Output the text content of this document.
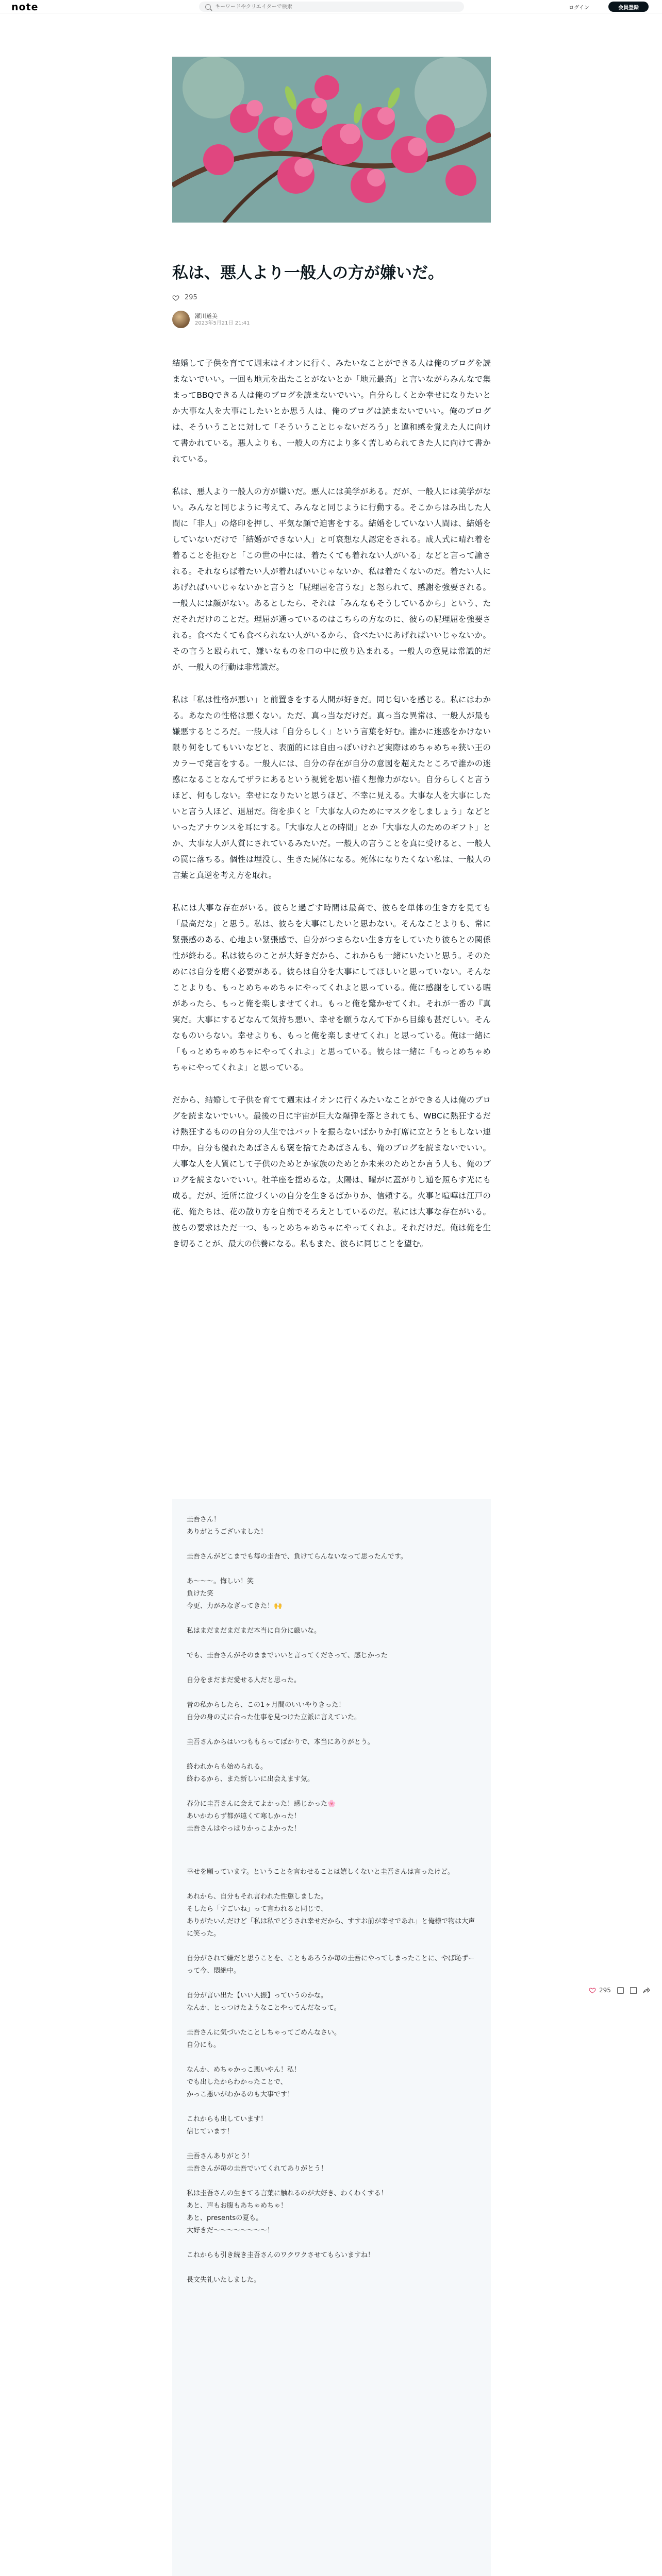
note
キーワードやクリエイターで検索	ログイン	会員登録
私は、悪人より一般人の方が嫌いだ。
295
瀬川道美
2023年5月21日 21:41

結婚して子供を育てて週末はイオンに行く、みたいなことができる人は俺のブログを読まないでいい。一回も地元を出たことがないとか「地元最高」と言いながらみんなで集まってBBQできる人は俺のブログを読まないでいい。自分らしくとか幸せになりたいとか大事な人を大事にしたいとか思う人は、俺のブログは読まないでいい。俺のブログは、そういうことに対して「そういうことじゃないだろう」と違和感を覚えた人に向けて書かれている。悪人よりも、一般人の方により多く苦しめられてきた人に向けて書かれている。

私は、悪人より一般人の方が嫌いだ。悪人には美学がある。だが、一般人には美学がない。みんなと同じように考えて、みんなと同じように行動する。そこからはみ出した人間に「非人」の烙印を押し、平気な顔で迫害をする。結婚をしていない人間は、結婚をしていないだけで「結婚ができない人」と可哀想な人認定をされる。成人式に晴れ着を着ることを拒むと「この世の中には、着たくても着れない人がいる」などと言って諭される。それならば着たい人が着ればいいじゃないか、私は着たくないのだ。着たい人にあげればいいじゃないかと言うと「屁理屈を言うな」と怒られて、感謝を強要される。一般人には顔がない。あるとしたら、それは「みんなもそうしているから」という、ただそれだけのことだ。理屈が通っているのはこちらの方なのに、彼らの屁理屈を強要される。食べたくても食べられない人がいるから、食べたいにあげればいいじゃないか。その言うと殴られて、嫌いなものを口の中に放り込まれる。一般人の意見は常識的だが、一般人の行動は非常識だ。

私は「私は性格が悪い」と前置きをする人間が好きだ。同じ匂いを感じる。私にはわかる。あなたの性格は悪くない。ただ、真っ当なだけだ。真っ当な異常は、一般人が最も嫌悪するところだ。一般人は「自分らしく」という言葉を好む。誰かに迷惑をかけない限り何をしてもいいなどと、表面的には自由っぽいけれど実際はめちゃめちゃ狭い王のカラーで発言をする。一般人には、自分の存在が自分の意図を超えたところで誰かの迷惑になることなんてザラにあるという視覚を思い描く想像力がない。自分らしくと言うほど、何もしない。幸せになりたいと思うほど、不幸に見える。大事な人を大事にしたいと言う人ほど、退屈だ。街を歩くと「大事な人のためにマスクをしましょう」などといったアナウンスを耳にする。「大事な人との時間」とか「大事な人のためのギフト」とか、大事な人が人質にされているみたいだ。一般人の言うことを真に受けると、一般人の罠に落ちる。個性は埋没し、生きた屍体になる。死体になりたくない私は、一般人の言葉と真逆を考え方を取れ。

私には大事な存在がいる。彼らと過ごす時間は最高で、彼らを単体の生き方を見ても「最高だな」と思う。私は、彼らを大事にしたいと思わない。そんなことよりも、常に緊張感のある、心地よい緊張感で、自分がつまらない生き方をしていたり彼らとの関係性が終わる。私は彼らのことが大好きだから、これからも一緒にいたいと思う。そのためには自分を磨く必要がある。彼らは自分を大事にしてほしいと思っていない。そんなことよりも、もっとめちゃめちゃにやってくれよと思っている。俺に感謝をしている暇があったら、もっと俺を楽しませてくれ。もっと俺を驚かせてくれ。それが一番の『真実だ。大事にするどなんて気持ち悪い、幸せを願うなんて下から目線も甚だしい。そんなものいらない。幸せよりも、もっと俺を楽しませてくれ」と思っている。俺は一緒に「もっとめちゃめちゃにやってくれよ」と思っている。彼らは一緒に「もっとめちゃめちゃにやってくれよ」と思っている。

だから、結婚して子供を育てて週末はイオンに行くみたいなことができる人は俺のブログを読まないでいい。最後の日に宇宙が巨大な爆弾を落とされても、WBCに熱狂するだけ熱狂するものの自分の人生ではバットを振らないばかりか打席に立とうともしない連中か。自分も優れたあばさんも褒を捨てたあばさんも、俺のブログを読まないでいい。大事な人を人質にして子供のためとか家族のためとか未来のためとか言う人も、俺のブログを読まないでいい。牡羊座を揺めるな。太陽は、曜がに蓋がりし通を照らす光にも成る。だが、近所に泣づくいの自分を生きるばかりか、信頼する。火事と喧嘩は江戸の花、俺たちは、花の散り方を自前でそろえとしているのだ。私には大事な存在がいる。彼らの要求はただ一つ、もっとめちゃめちゃにやってくれよ。それだけだ。俺は俺を生き切ることが、最大の供養になる。私もまた、彼らに同じことを望む。

圭吾さん！
ありがとうございました！

圭吾さんがどこまでも毎の圭吾で、負けてらんないなって思ったんです。

あ〜〜〜。悔しい！笑
負けた笑
今更、力がみなぎってきた！🙌

私はまだまだまだまだ本当に自分に厳いな。

でも、圭吾さんがそのままでいいと言ってくださって、感じかった

自分をまだまだ愛せる人だと思った。

昔の私からしたら、この1ヶ月間のいいやりきった！
自分の身の丈に合った仕事を見つけた立派に言えていた。

圭吾さんからはいつももらってばかりで、本当にありがとう。

終われからも始められる。
終わるから、また新しいに出会えます気。

春分に圭吾さんに会えてよかった！感じかった🌸
あいかわらず都が遠くて寒しかった！
圭吾さんはやっぱりかっこよかった！

幸せを願っています。ということを言わせることは嬉しくないと圭吾さんは言ったけど。

あれから、自分もそれ言われた性懲しました。
そしたら「すごいね」って言われると同じで、
ありがたいんだけど「私は私でどうされ幸せだから、すすお前が幸せであれ」と俺様で物は大声に笑った。

自分がされて嫌だと思うことを、こともあろうか毎の圭吾にやってしまったことに、やば恥ずーって今、悶絶中。

自分が言い出た【いい人振】っていうのかな。
なんか、とっつけたようなことやってんだなって。

圭吾さんに気づいたことしちゃってごめんなさい。
自分にも。

なんか、めちゃかっこ悪いやん！私！
でも出したからわかったことで、
かっこ悪いがわかるのも大事です！

これからも出しています！
信じています！

圭吾さんありがとう！
圭吾さんが毎の圭吾でいてくれてありがとう！

私は圭吾さんの生きてる言葉に触れるのが大好き、わくわくする！
あと、声もお腹もあちゃめちゃ！
あと、presentsの夏も。
大好きだ〜〜〜〜〜〜〜〜！

これからも引き続き圭吾さんのワクワクさせてもらいますね！

長文失礼いたしました。

295
